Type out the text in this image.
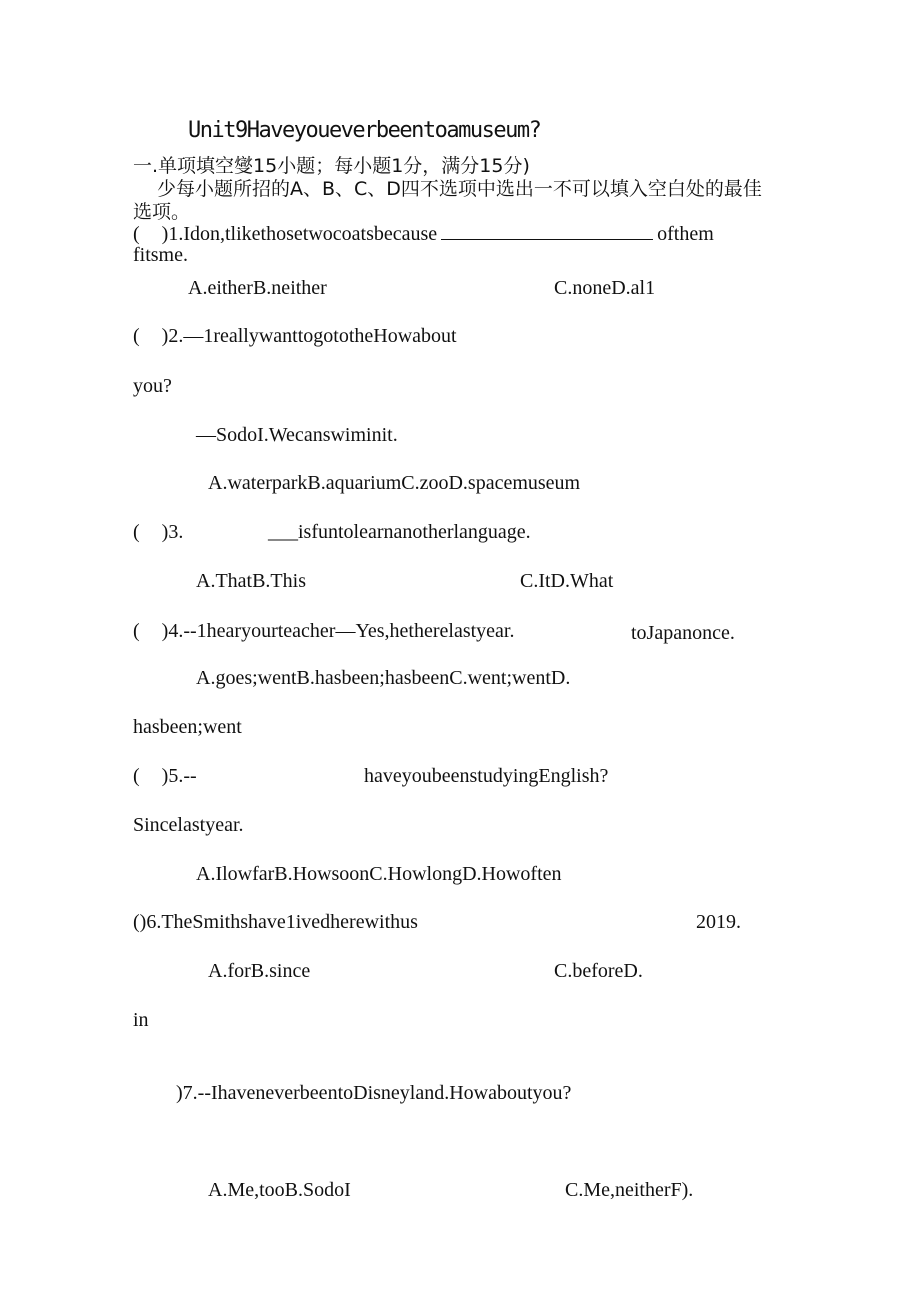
Unit9Haveyoueverbeentoamuseum?
一.单项填空燮15小题；每小题1分，满分15分)
少每小题所招的A、B、C、D四不选项中选出一不可以填入空白处的最佳
选项。
( )1.Idon,tlikethosetwocoatsbecause	ofthem
fitsme.
A.eitherB.neither	C.noneD.al1
( )2.—1reallywanttogototheHowabout
you?
—SodoI.Wecanswiminit.
A.waterparkB.aquariumC.zooD.spacemuseum
( )3.	___isfuntolearnanotherlanguage.
A.ThatB.This	C.ItD.What
( )4.--1hearyourteacher—Yes,hetherelastyear.	toJapanonce.
A.goes;wentB.hasbeen;hasbeenC.went;wentD.
hasbeen;went
( )5.--	haveyoubeenstudyingEnglish?
Sincelastyear.
A.IlowfarB.HowsoonC.HowlongD.Howoften
()6.TheSmithshave1ivedherewithus	2019.
A.forB.since	C.beforeD.
in
)7.--IhaveneverbeentoDisneyland.Howaboutyou?
A.Me,tooB.SodoI	C.Me,neitherF).
